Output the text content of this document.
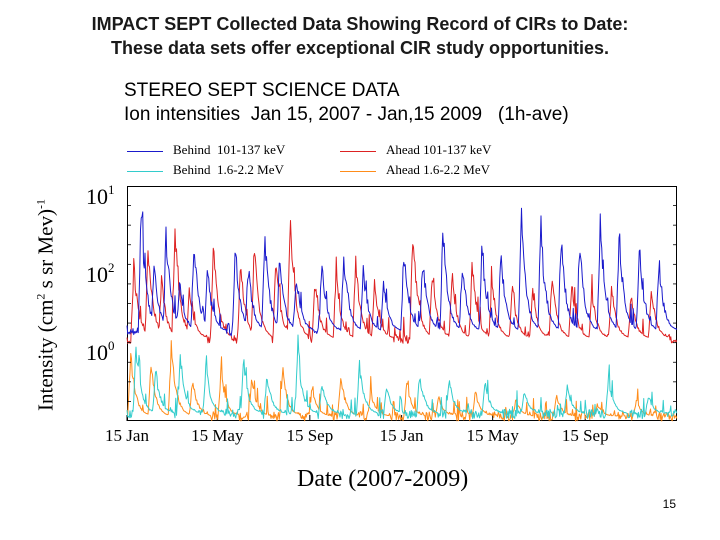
IMPACT SEPT Collected Data Showing Record of CIRs to Date:
These data sets offer exceptional CIR study opportunities.
STEREO SEPT SCIENCE DATA
Ion intensities  Jan 15, 2007 - Jan,15 2009   (1h-ave)
Behind  101-137 keV
Behind  1.6-2.2 MeV
Ahead 101-137 keV
Ahead 1.6-2.2 MeV
$10^1$
$10^2$
$10^0$
Intensity ($cm^2$ s sr Mev)$^{-1}$
15 Jan 15 May	15 Sep	15 Jan	15 May	15 Sep
Date (2007-2009)
15
